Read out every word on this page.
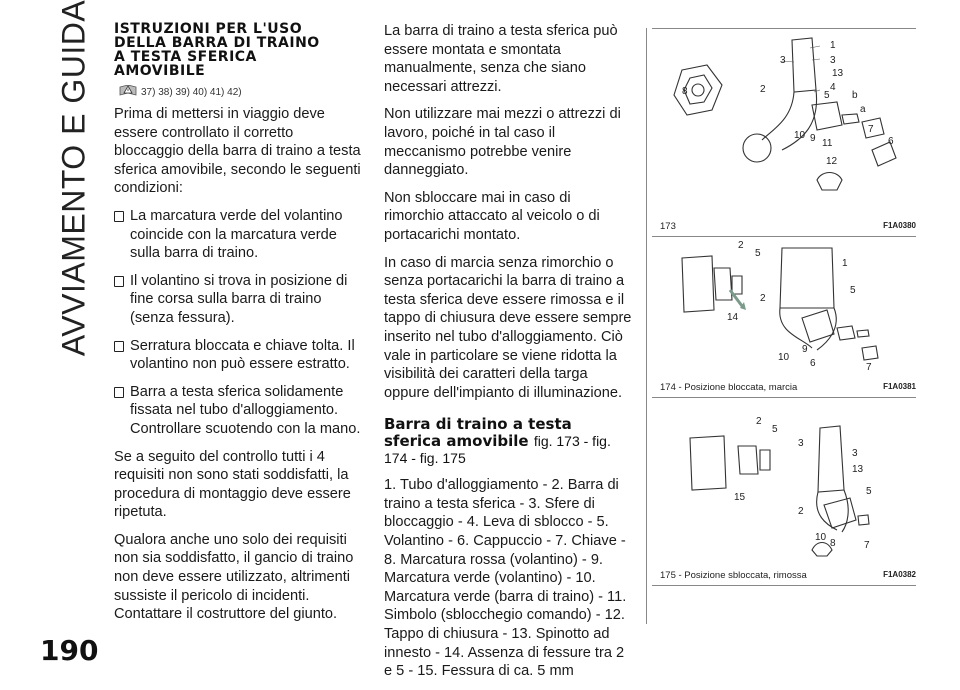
AVVIAMENTO E GUIDA
190
ISTRUZIONI PER L'USO
DELLA BARRA DI TRAINO
A TESTA SFERICA
AMOVIBILE
37) 38) 39) 40) 41) 42)

Prima di mettersi in viaggio deve essere controllato il corretto bloccaggio della barra di traino a testa sferica amovibile, secondo le seguenti condizioni:

La marcatura verde del volantino coincide con la marcatura verde sulla barra di traino.
Il volantino si trova in posizione di fine corsa sulla barra di traino (senza fessura).
Serratura bloccata e chiave tolta. Il volantino non può essere estratto.
Barra a testa sferica solidamente fissata nel tubo d'alloggiamento. Controllare scuotendo con la mano.

Se a seguito del controllo tutti i 4 requisiti non sono stati soddisfatti, la procedura di montaggio deve essere ripetuta.

Qualora anche uno solo dei requisiti non sia soddisfatto, il gancio di traino non deve essere utilizzato, altrimenti sussiste il pericolo di incidenti. Contattare il costruttore del giunto.

La barra di traino a testa sferica può essere montata e smontata manualmente, senza che siano necessari attrezzi.

Non utilizzare mai mezzi o attrezzi di lavoro, poiché in tal caso il meccanismo potrebbe venire danneggiato.

Non sbloccare mai in caso di rimorchio attaccato al veicolo o di portacarichi montato.

In caso di marcia senza rimorchio o senza portacarichi la barra di traino a testa sferica deve essere rimossa e il tappo di chiusura deve essere sempre inserito nel tubo d'alloggiamento. Ciò vale in particolare se viene ridotta la visibilità dei caratteri della targa oppure dell'impianto di illuminazione.

Barra di traino a testa
sferica amovibile fig. 173 - fig. 174 - fig. 175

1. Tubo d'alloggiamento - 2. Barra di traino a testa sferica - 3. Sfere di bloccaggio - 4. Leva di sblocco - 5. Volantino - 6. Cappuccio - 7. Chiave - 8. Marcatura rossa (volantino) - 9. Marcatura verde (volantino) - 10. Marcatura verde (barra di traino) - 11. Simbolo (sblocchegio comando) - 12. Tappo di chiusura - 13. Spinotto ad innesto - 14. Assenza di fessure tra 2 e 5 - 15. Fessura di ca. 5 mm

1
3
3
13
4
5 b
a
7
6
2
8
10 9 11
12
173	F1A0380
2
5
1
2
14
5
10
9
6	7
174 - Posizione bloccata, marcia	F1A0381
2
5
3
3
13
15
5
2
10
8	7
175 - Posizione sbloccata, rimossa	F1A0382
